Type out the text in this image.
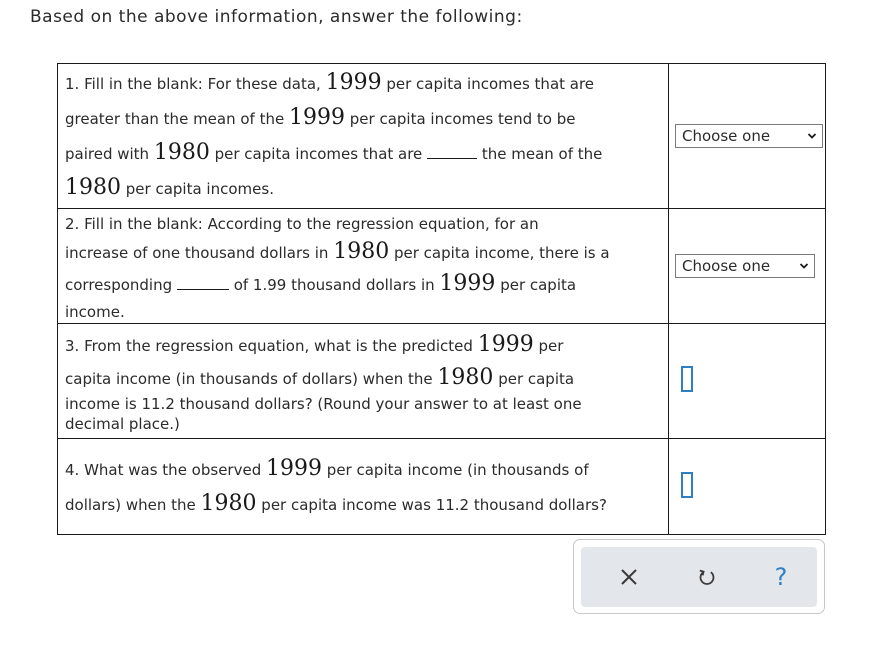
Based on the above information, answer the following:
1. Fill in the blank: For these data, 1999 per capita incomes that are
greater than the mean of the 1999 per capita incomes tend to be
paired with 1980 per capita incomes that are the mean of the
1980 per capita incomes.	Choose one

2. Fill in the blank: According to the regression equation, for an
increase of one thousand dollars in 1980 per capita income, there is a
corresponding of 1.99 thousand dollars in 1999 per capita
income.	Choose one

3. From the regression equation, what is the predicted 1999 per
capita income (in thousands of dollars) when the 1980 per capita
income is 11.2 thousand dollars? (Round your answer to at least one
decimal place.)	

4. What was the observed 1999 per capita income (in thousands of
dollars) when the 1980 per capita income was 11.2 thousand dollars?	

?
